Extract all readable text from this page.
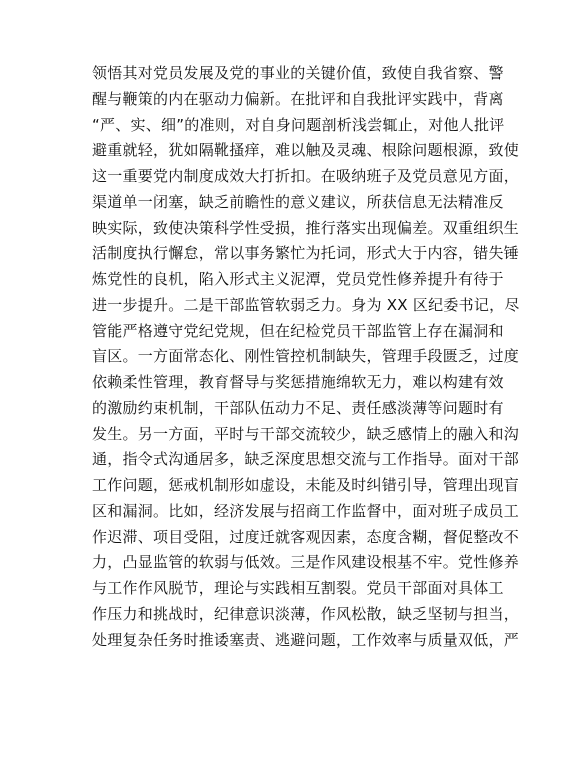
领悟其对党员发展及党的事业的关键价值，致使自我省察、警
醒与鞭策的内在驱动力偏新。在批评和自我批评实践中，背离
“严、实、细”的准则，对自身问题剖析浅尝辄止，对他人批评
避重就轻，犹如隔靴搔痒，难以触及灵魂、根除问题根源，致使
这一重要党内制度成效大打折扣。在吸纳班子及党员意见方面，
渠道单一闭塞，缺乏前瞻性的意义建议，所获信息无法精准反
映实际，致使决策科学性受损，推行落实出现偏差。双重组织生
活制度执行懈怠，常以事务繁忙为托词，形式大于内容，错失锤
炼党性的良机，陷入形式主义泥潭，党员党性修养提升有待于
进一步提升。二是干部监管软弱乏力。身为 XX 区纪委书记，尽
管能严格遵守党纪党规，但在纪检党员干部监管上存在漏洞和
盲区。一方面常态化、刚性管控机制缺失，管理手段匮乏，过度
依赖柔性管理，教育督导与奖惩措施绵软无力，难以构建有效
的激励约束机制，干部队伍动力不足、责任感淡薄等问题时有
发生。另一方面，平时与干部交流较少，缺乏感情上的融入和沟
通，指令式沟通居多，缺乏深度思想交流与工作指导。面对干部
工作问题，惩戒机制形如虚设，未能及时纠错引导，管理出现盲
区和漏洞。比如，经济发展与招商工作监督中，面对班子成员工
作迟滞、项目受阻，过度迁就客观因素，态度含糊，督促整改不
力，凸显监管的软弱与低效。三是作风建设根基不牢。党性修养
与工作作风脱节，理论与实践相互割裂。党员干部面对具体工
作压力和挑战时，纪律意识淡薄，作风松散，缺乏坚韧与担当，
处理复杂任务时推诿塞责、逃避问题，工作效率与质量双低，严
